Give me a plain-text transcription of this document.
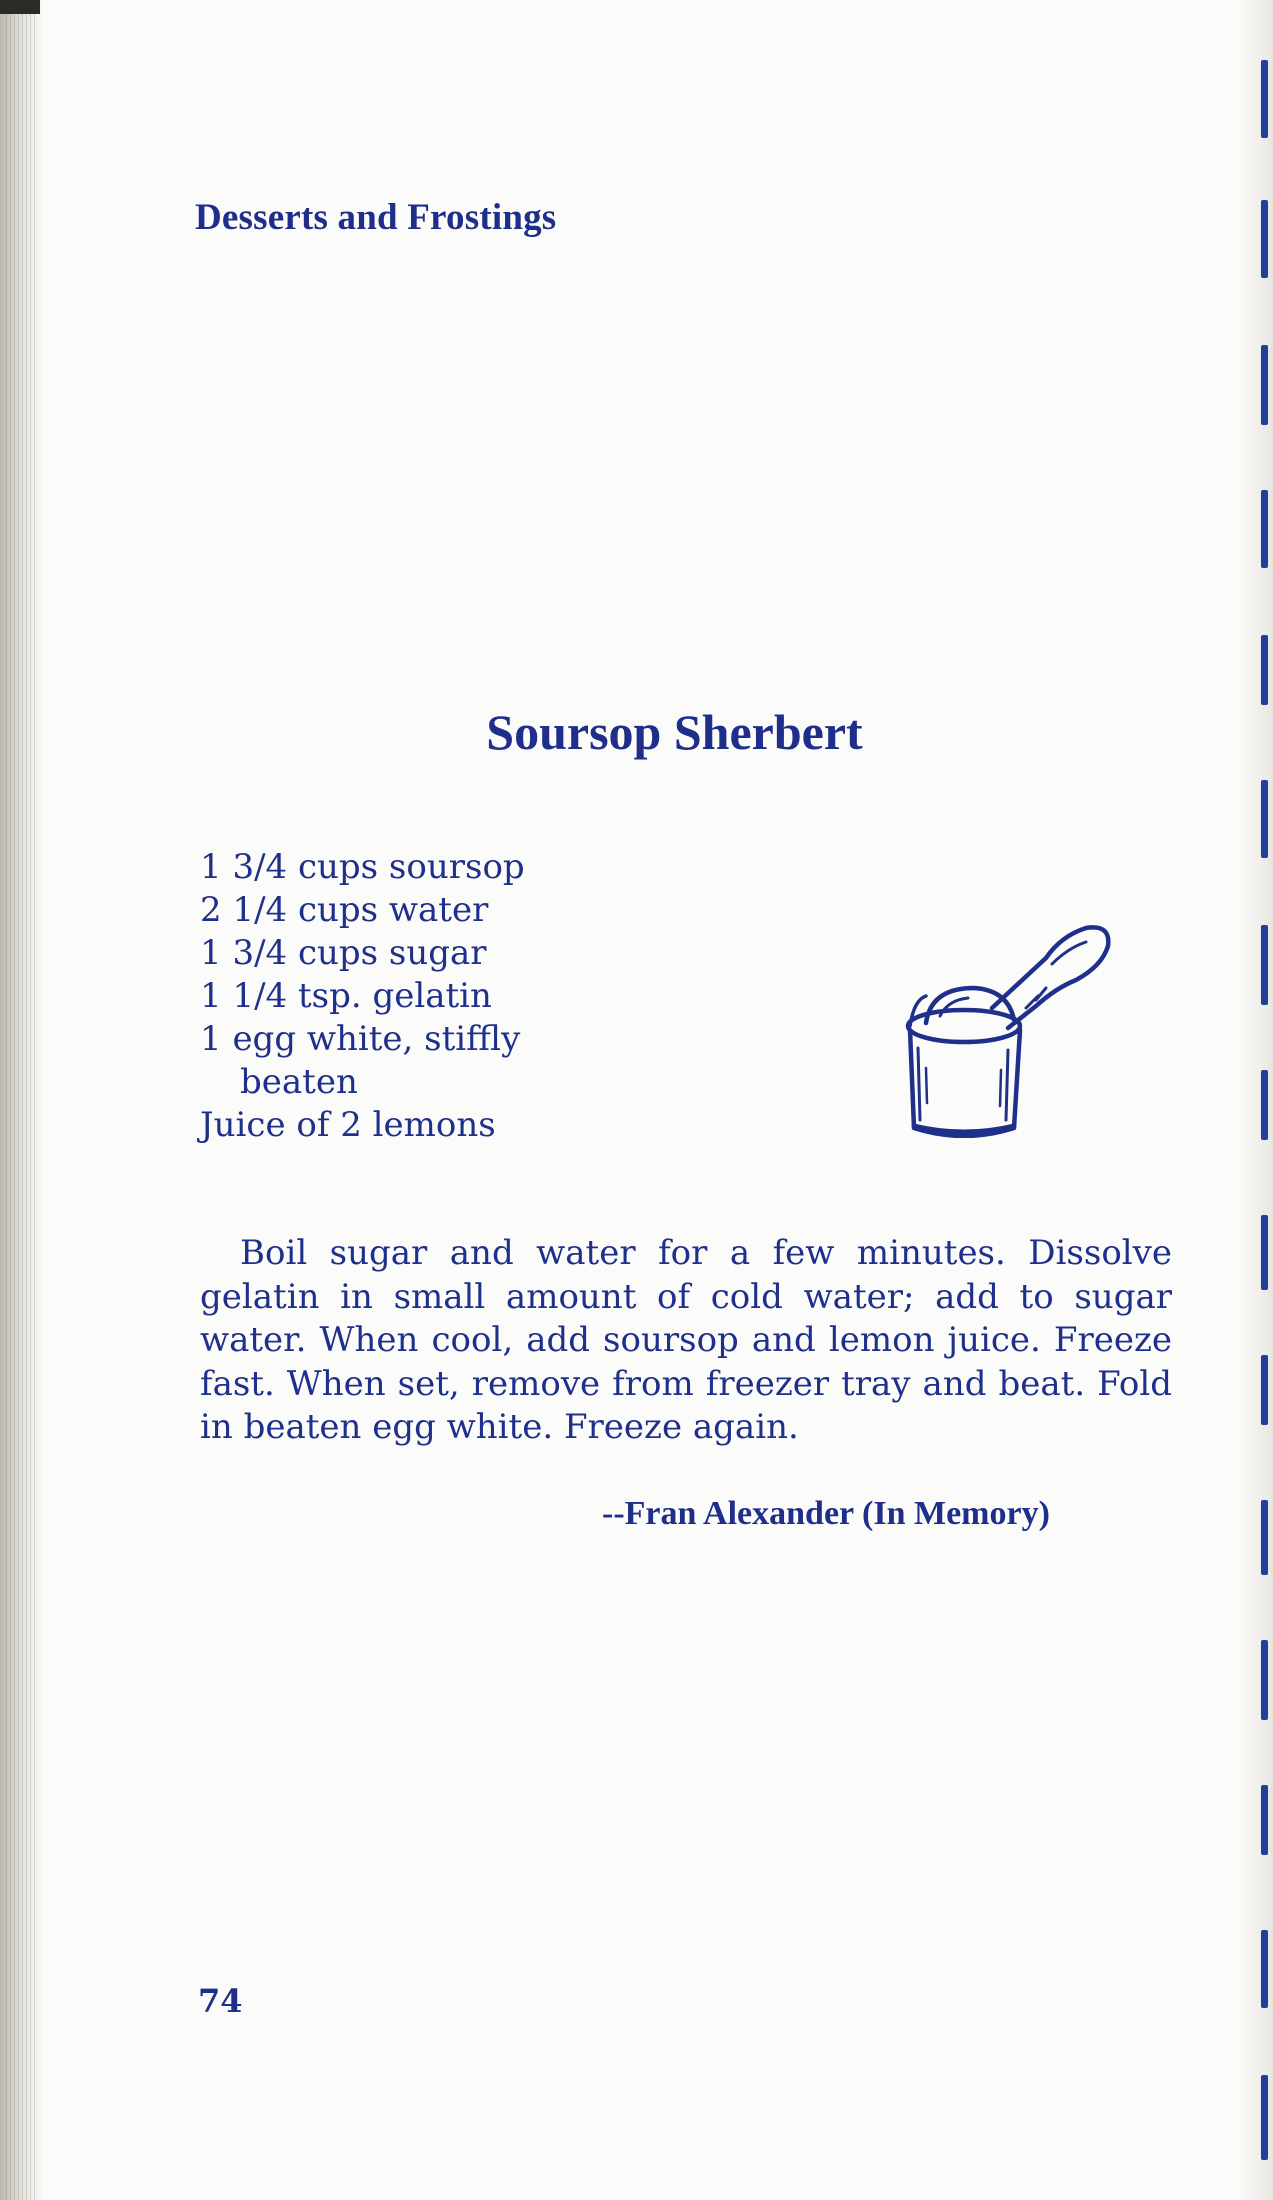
Desserts and Frostings
Soursop Sherbert
1 3/4 cups soursop
2 1/4 cups water
1 3/4 cups sugar
1 1/4 tsp. gelatin
1 egg white, stiffly
beaten
Juice of 2 lemons

Boil sugar and water for a few minutes. Dissolve gelatin in small amount of cold water; add to sugar water. When cool, add soursop and lemon juice. Freeze fast. When set, remove from freezer tray and beat. Fold in beaten egg white. Freeze again.

--Fran Alexander (In Memory)
74
